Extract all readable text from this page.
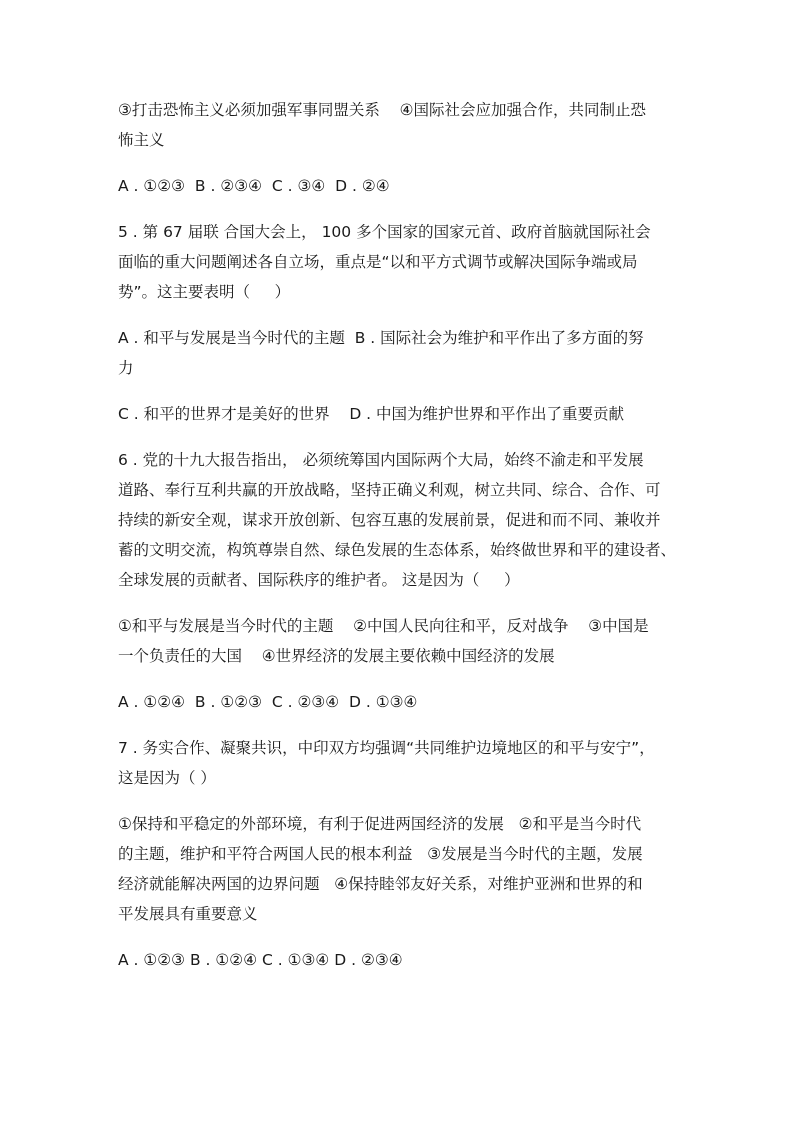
③打击恐怖主义必须加强军事同盟关系    ④国际社会应加强合作，共同制止恐

怖主义

A . ①②③  B . ②③④  C . ③④  D . ②④

5 . 第 67 届联 合国大会上， 100 多个国家的国家元首、政府首脑就国际社会

面临的重大问题阐述各自立场，重点是“以和平方式调节或解决国际争端或局

势”。这主要表明（     ）

A . 和平与发展是当今时代的主题  B . 国际社会为维护和平作出了多方面的努

力

C . 和平的世界才是美好的世界    D . 中国为维护世界和平作出了重要贡献

6 . 党的十九大报告指出， 必须统筹国内国际两个大局，始终不渝走和平发展

道路、奉行互利共赢的开放战略，坚持正确义利观，树立共同、综合、合作、可

持续的新安全观，谋求开放创新、包容互惠的发展前景，促进和而不同、兼收并

蓄的文明交流，构筑尊崇自然、绿色发展的生态体系，始终做世界和平的建设者、

全球发展的贡献者、国际秩序的维护者。 这是因为（     ）

①和平与发展是当今时代的主题    ②中国人民向往和平，反对战争    ③中国是

一个负责任的大国    ④世界经济的发展主要依赖中国经济的发展

A . ①②④  B . ①②③  C . ②③④  D . ①③④

7 . 务实合作、凝聚共识，中印双方均强调“共同维护边境地区的和平与安宁”，

这是因为（ ）

①保持和平稳定的外部环境，有利于促进两国经济的发展   ②和平是当今时代

的主题，维护和平符合两国人民的根本利益   ③发展是当今时代的主题，发展

经济就能解决两国的边界问题   ④保持睦邻友好关系，对维护亚洲和世界的和

平发展具有重要意义

A . ①②③ B . ①②④ C . ①③④ D . ②③④
